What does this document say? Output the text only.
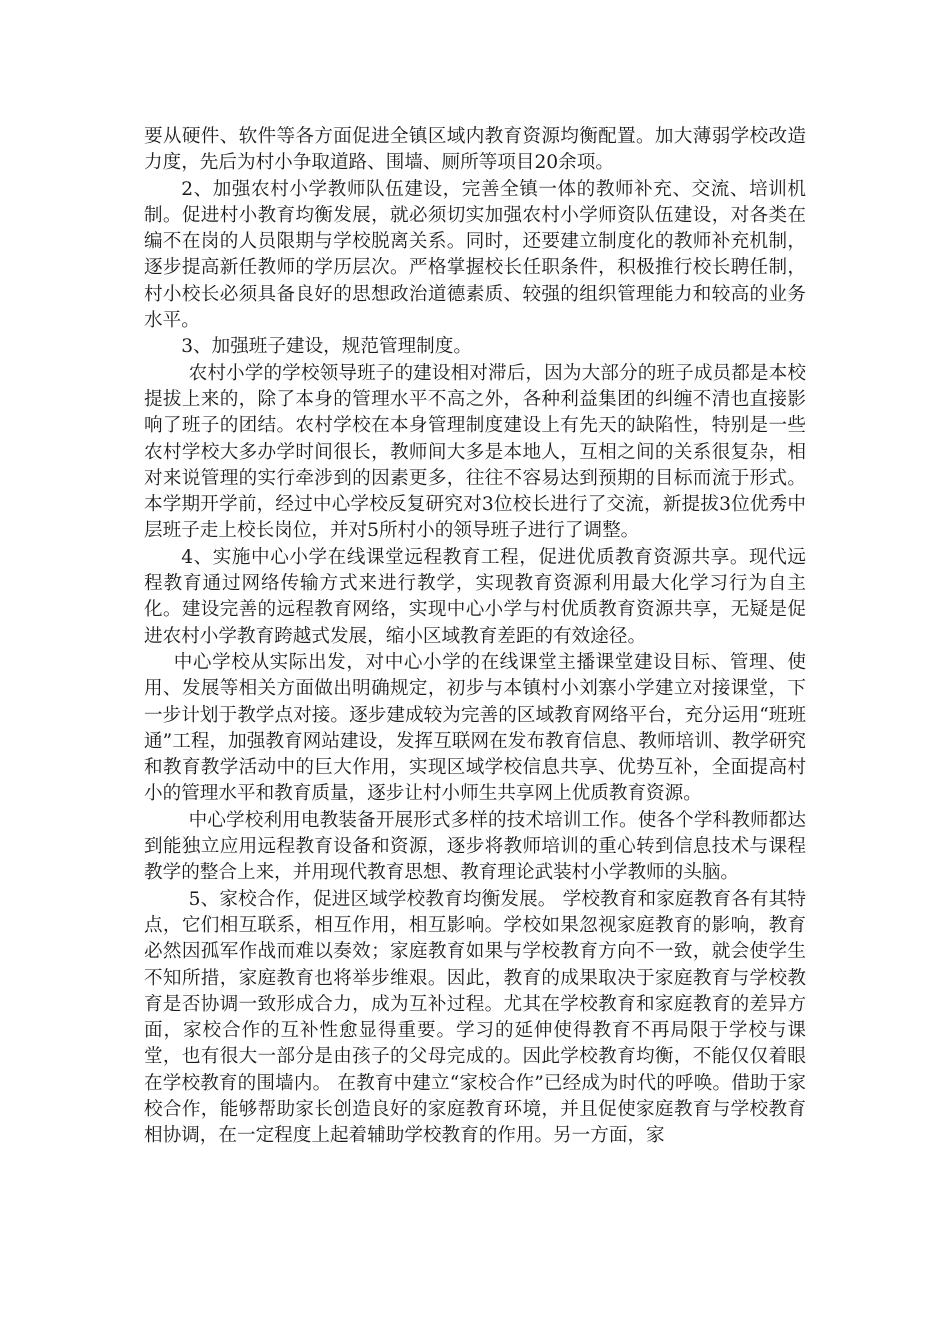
要从硬件、软件等各方面促进全镇区域内教育资源均衡配置。加大薄弱学校改造力度，先后为村小争取道路、围墙、厕所等项目20余项。

2、加强农村小学教师队伍建设，完善全镇一体的教师补充、交流、培训机制。促进村小教育均衡发展，就必须切实加强农村小学师资队伍建设，对各类在编不在岗的人员限期与学校脱离关系。同时，还要建立制度化的教师补充机制，逐步提高新任教师的学历层次。严格掌握校长任职条件，积极推行校长聘任制，村小校长必须具备良好的思想政治道德素质、较强的组织管理能力和较高的业务水平。

3、加强班子建设，规范管理制度。

农村小学的学校领导班子的建设相对滞后，因为大部分的班子成员都是本校提拔上来的，除了本身的管理水平不高之外，各种利益集团的纠缠不清也直接影响了班子的团结。农村学校在本身管理制度建设上有先天的缺陷性，特别是一些农村学校大多办学时间很长，教师间大多是本地人，互相之间的关系很复杂，相对来说管理的实行牵涉到的因素更多，往往不容易达到预期的目标而流于形式。本学期开学前，经过中心学校反复研究对3位校长进行了交流，新提拔3位优秀中层班子走上校长岗位，并对5所村小的领导班子进行了调整。

4、实施中心小学在线课堂远程教育工程，促进优质教育资源共享。现代远程教育通过网络传输方式来进行教学，实现教育资源利用最大化学习行为自主化。建设完善的远程教育网络，实现中心小学与村优质教育资源共享，无疑是促进农村小学教育跨越式发展，缩小区域教育差距的有效途径。

中心学校从实际出发，对中心小学的在线课堂主播课堂建设目标、管理、使用、发展等相关方面做出明确规定，初步与本镇村小刘寨小学建立对接课堂，下一步计划于教学点对接。逐步建成较为完善的区域教育网络平台，充分运用“班班通”工程，加强教育网站建设，发挥互联网在发布教育信息、教师培训、教学研究和教育教学活动中的巨大作用，实现区域学校信息共享、优势互补，全面提高村小的管理水平和教育质量，逐步让村小师生共享网上优质教育资源。

中心学校利用电教装备开展形式多样的技术培训工作。使各个学科教师都达到能独立应用远程教育设备和资源，逐步将教师培训的重心转到信息技术与课程教学的整合上来，并用现代教育思想、教育理论武装村小学教师的头脑。

5、家校合作，促进区域学校教育均衡发展。 学校教育和家庭教育各有其特点，它们相互联系，相互作用，相互影响。学校如果忽视家庭教育的影响，教育必然因孤军作战而难以奏效；家庭教育如果与学校教育方向不一致，就会使学生不知所措，家庭教育也将举步维艰。因此，教育的成果取决于家庭教育与学校教育是否协调一致形成合力，成为互补过程。尤其在学校教育和家庭教育的差异方面，家校合作的互补性愈显得重要。学习的延伸使得教育不再局限于学校与课堂，也有很大一部分是由孩子的父母完成的。因此学校教育均衡，不能仅仅着眼在学校教育的围墙内。 在教育中建立“家校合作”已经成为时代的呼唤。借助于家校合作，能够帮助家长创造良好的家庭教育环境，并且促使家庭教育与学校教育相协调，在一定程度上起着辅助学校教育的作用。另一方面，家
